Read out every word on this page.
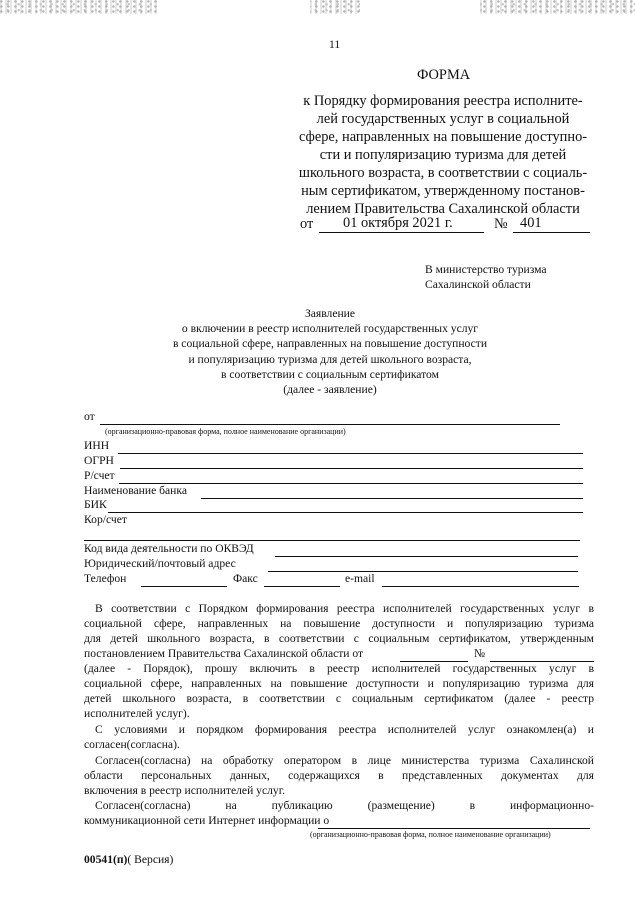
11
ФОРМА
к Порядку формирования реестра исполните-
лей государственных услуг в социальной
сфере, направленных на повышение доступно-
сти и популяризацию туризма для детей
школьного возраста, в соответствии с социаль-
ным сертификатом, утвержденному постанов-
лением Правительства Сахалинской области
от 01 октября 2021 г.	№ 401
В министерство туризма
Сахалинской области
Заявление
о включении в реестр исполнителей государственных услуг
в социальной сфере, направленных на повышение доступности
и популяризацию туризма для детей школьного возраста,
в соответствии с социальным сертификатом
(далее - заявление)
от
(организационно-правовая форма, полное наименование организации)
ИНН
ОГРН
Р/счет
Наименование банка
БИК
Кор/счет
Код вида деятельности по ОКВЭД
Юридический/почтовый адрес
Телефон	Факс	e-mail
В соответствии с Порядком формирования реестра исполнителей государственных услуг в
социальной сфере, направленных на повышение доступности и популяризацию туризма
для детей школьного возраста, в соответствии с социальным сертификатом, утвержденным
постановлением Правительства Сахалинской области от	№
(далее - Порядок), прошу включить в реестр исполнителей государственных услуг в
социальной сфере, направленных на повышение доступности и популяризацию туризма для
детей школьного возраста, в соответствии с социальным сертификатом (далее - реестр
исполнителей услуг).
С условиями и порядком формирования реестра исполнителей услуг ознакомлен(а) и
согласен(согласна).
Согласен(согласна) на обработку оператором в лице министерства туризма Сахалинской
области персональных данных, содержащихся в представленных документах для
включения в реестр исполнителей услуг.
Согласен(согласна) на публикацию (размещение) в информационно-
коммуникационной сети Интернет информации о
(организационно-правовая форма, полное наименование организации)
00541(п)( Версия)
